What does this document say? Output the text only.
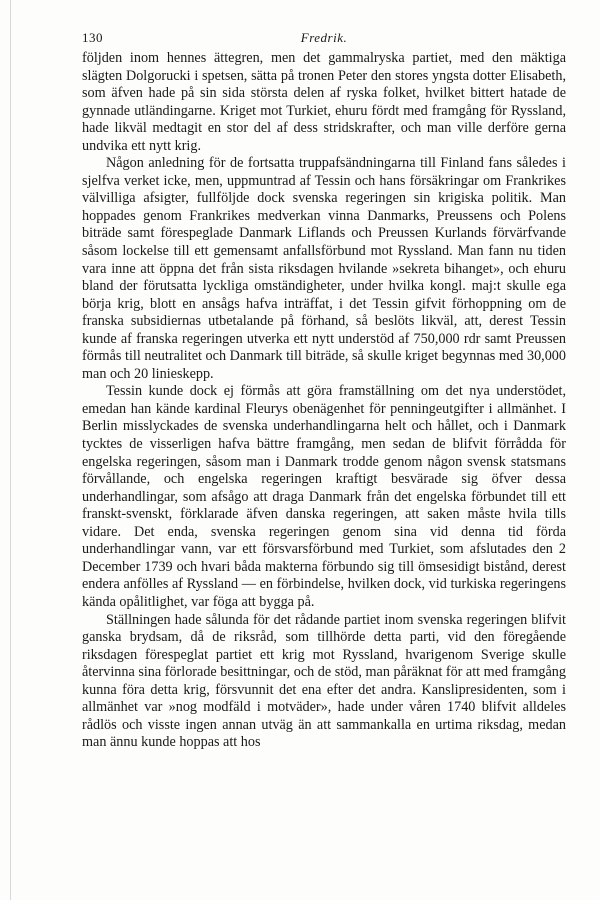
130	Fredrik.

följden inom hennes ättegren, men det gammalryska partiet, med den mäktiga slägten Dolgorucki i spetsen, sätta på tronen Peter den stores yngsta dotter Elisabeth, som äfven hade på sin sida största delen af ryska folket, hvilket bittert hatade de gynnade utländingarne. Kriget mot Turkiet, ehuru fördt med framgång för Ryssland, hade likväl medtagit en stor del af dess stridskrafter, och man ville derföre gerna undvika ett nytt krig.

Någon anledning för de fortsatta truppafsändningarna till Finland fans således i sjelfva verket icke, men, uppmuntrad af Tessin och hans försäkringar om Frankrikes välvilliga afsigter, fullföljde dock svenska regeringen sin krigiska politik. Man hoppades genom Frankrikes medverkan vinna Danmarks, Preussens och Polens biträde samt förespeglade Danmark Liflands och Preussen Kurlands förvärfvande såsom lockelse till ett gemensamt anfallsförbund mot Ryssland. Man fann nu tiden vara inne att öppna det från sista riksdagen hvilande »sekreta bihanget», och ehuru bland der förutsatta lyckliga omständigheter, under hvilka kongl. maj:t skulle ega börja krig, blott en ansågs hafva inträffat, i det Tessin gifvit förhoppning om de franska subsidiernas utbetalande på förhand, så beslöts likväl, att, derest Tessin kunde af franska regeringen utverka ett nytt understöd af 750,000 rdr samt Preussen förmås till neutralitet och Danmark till biträde, så skulle kriget begynnas med 30,000 man och 20 linieskepp.

Tessin kunde dock ej förmås att göra framställning om det nya understödet, emedan han kände kardinal Fleurys obenägenhet för penningeutgifter i allmänhet. I Berlin misslyckades de svenska underhandlingarna helt och hållet, och i Danmark tycktes de visserligen hafva bättre framgång, men sedan de blifvit förrådda för engelska regeringen, såsom man i Danmark trodde genom någon svensk statsmans förvållande, och engelska regeringen kraftigt besvärade sig öfver dessa underhandlingar, som afsågo att draga Danmark från det engelska förbundet till ett franskt-svenskt, förklarade äfven danska regeringen, att saken måste hvila tills vidare. Det enda, svenska regeringen genom sina vid denna tid förda underhandlingar vann, var ett försvarsförbund med Turkiet, som afslutades den 2 December 1739 och hvari båda makterna förbundo sig till ömsesidigt bistånd, derest endera anfölles af Ryssland — en förbindelse, hvilken dock, vid turkiska regeringens kända opålitlighet, var föga att bygga på.

Ställningen hade sålunda för det rådande partiet inom svenska regeringen blifvit ganska brydsam, då de riksråd, som tillhörde detta parti, vid den föregående riksdagen förespeglat partiet ett krig mot Ryssland, hvarigenom Sverige skulle återvinna sina förlorade besittningar, och de stöd, man påräknat för att med framgång kunna föra detta krig, försvunnit det ena efter det andra. Kanslipresidenten, som i allmänhet var »nog modfäld i motväder», hade under våren 1740 blifvit alldeles rådlös och visste ingen annan utväg än att sammankalla en urtima riksdag, medan man ännu kunde hoppas att hos
